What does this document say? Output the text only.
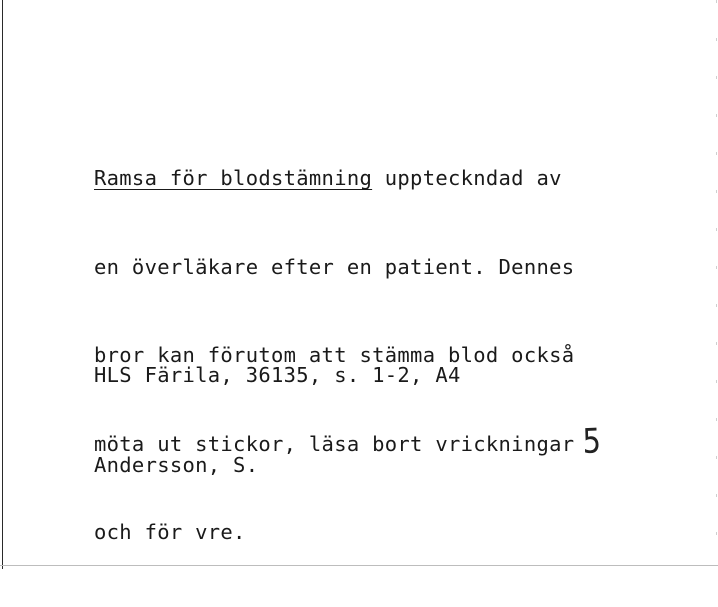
Ramsa för blodstämning uppteckndad av

en överläkare efter en patient. Dennes

bror kan förutom att stämma blod också

möta ut stickor, läsa bort vrickningar

och för vre.

HLS Färila, 36135, s. 1-2, A4

Andersson, S.

5
